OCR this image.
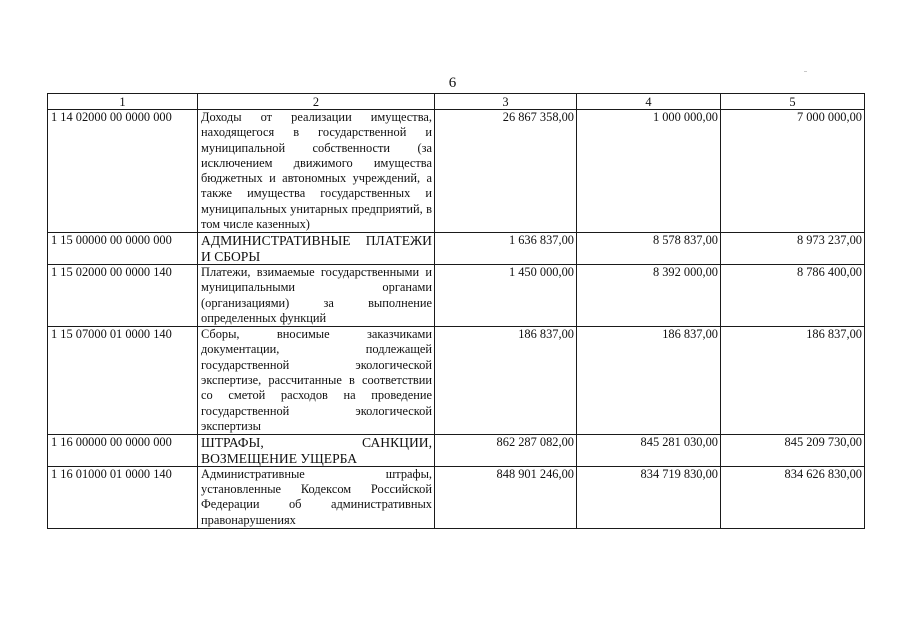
6
1	2	3	4	5
1 14 02000 00 0000 000	Доходы от реализации имущества, находящегося в государственной и муниципальной собственности (за исключением движимого имущества бюджетных и автономных учреждений, а также имущества государственных и муниципальных унитарных предприятий, в том числе казенных)	26 867 358,00	1 000 000,00	7 000 000,00
1 15 00000 00 0000 000	АДМИНИСТРАТИВНЫЕ ПЛАТЕЖИ И СБОРЫ	1 636 837,00	8 578 837,00	8 973 237,00
1 15 02000 00 0000 140	Платежи, взимаемые государственными и муниципальными органами (организациями) за выполнение определенных функций	1 450 000,00	8 392 000,00	8 786 400,00
1 15 07000 01 0000 140	Сборы, вносимые заказчиками документации, подлежащей государственной экологической экспертизе, рассчитанные в соответствии со сметой расходов на проведение государственной экологической экспертизы	186 837,00	186 837,00	186 837,00
1 16 00000 00 0000 000	ШТРАФЫ, САНКЦИИ, ВОЗМЕЩЕНИЕ УЩЕРБА	862 287 082,00	845 281 030,00	845 209 730,00
1 16 01000 01 0000 140	Административные штрафы, установленные Кодексом Российской Федерации об административных правонарушениях	848 901 246,00	834 719 830,00	834 626 830,00
